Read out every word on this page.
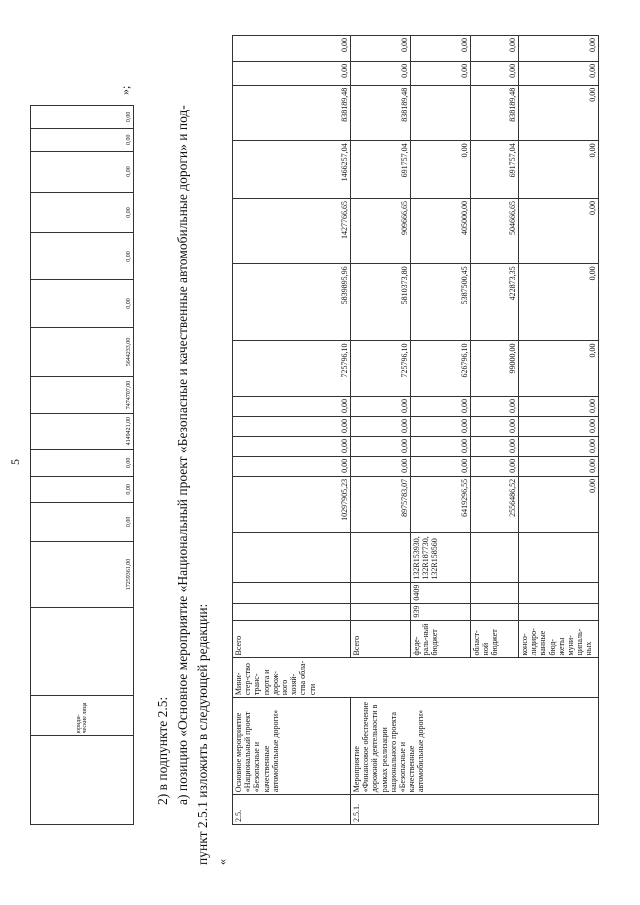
5
	юриди-ческие лица		17259361,00	0,00	0,00	0,00	4149421,00	7474707,00	5644233,00	0,00	0,00	0,00	0,00	0,00	0,00
»;
2) в подпункте 2.5: а) позицию «Основное мероприятие «Национальный проект «Безопасные и качественные автомобильные дороги» и под- пункт 2.5.1 изложить в следующей редакции: «
2.5.	Основное мероприятие «Национальный проект «Безопасные и качественные автомобильные дороги»	Мини-стер-ство транс-порта и дорож-ного хозяй-ства обла-сти	Всего				10297905,23	0,00	0,00	0,00	0,00	725796,10	5839895,96	1427766,65	1466257,04	838189,48	0,00	0,00
2.5.1.	Мероприятие «Финансовое обеспечение дорожной деятельности в рамках реализации национального проекта «Безопасные и качественные автомобильные дороги»		Всего				8975783,07	0,00	0,00	0,00	0,00	725796,10	5810373,80	909666,65	691757,04	838189,48	0,00	0,00
			феде-раль-ный бюджет	939	0409	132R153930, 132R187730, 132R158560	6419296,55	0,00	0,00	0,00	0,00	626796,10	5387500,45	405000,00	0,00		0,00	0,00
			област-ной бюджет				2556486,52	0,00	0,00	0,00	0,00	99000,00	422873,35	504666,65	691757,04	838189,48	0,00	0,00
			консо-лидиро-ванные бюд-жеты муни-ципаль-ных				0,00	0,00	0,00	0,00	0,00	0,00	0,00	0,00	0,00	0,00	0,00	0,00
